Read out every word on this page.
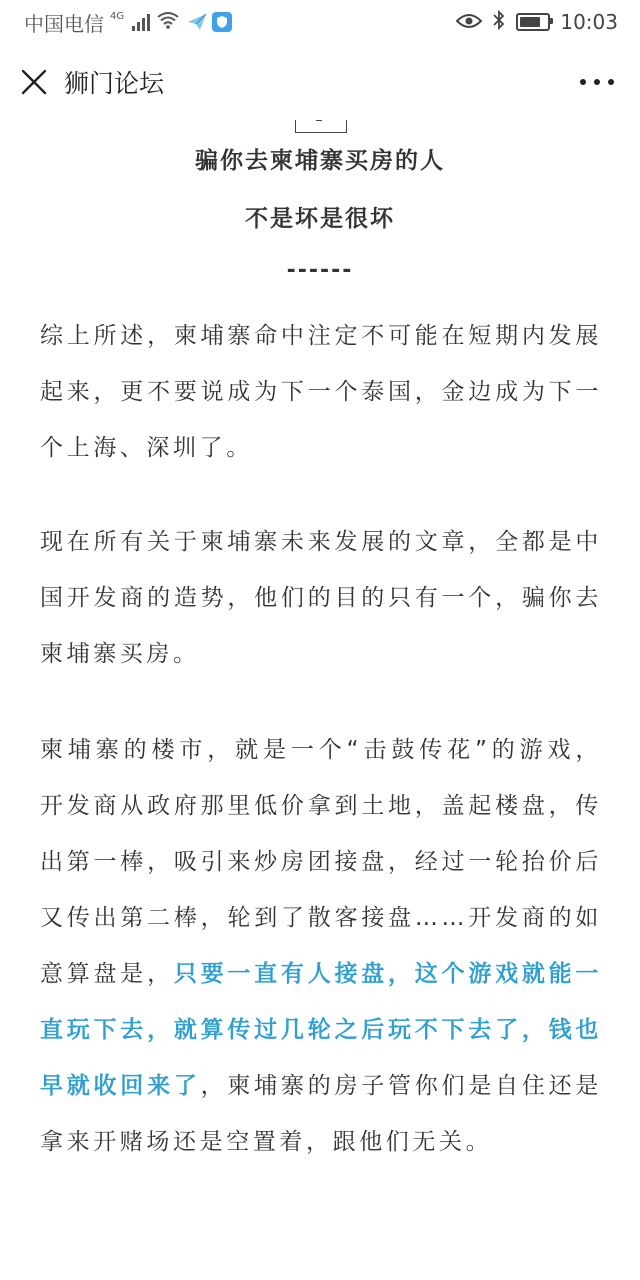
中国电信 4G	10:03
狮门论坛
骗你去柬埔寨买房的人
不是坏是很坏
------

综上所述，柬埔寨命中注定不可能在短期内发展起来，更不要说成为下一个泰国，金边成为下一个上海、深圳了。

现在所有关于柬埔寨未来发展的文章，全都是中国开发商的造势，他们的目的只有一个，骗你去柬埔寨买房。

柬埔寨的楼市，就是一个“击鼓传花”的游戏，开发商从政府那里低价拿到土地，盖起楼盘，传出第一棒，吸引来炒房团接盘，经过一轮抬价后又传出第二棒，轮到了散客接盘……开发商的如意算盘是，只要一直有人接盘，这个游戏就能一直玩下去，就算传过几轮之后玩不下去了，钱也早就收回来了，柬埔寨的房子管你们是自住还是拿来开赌场还是空置着，跟他们无关。
